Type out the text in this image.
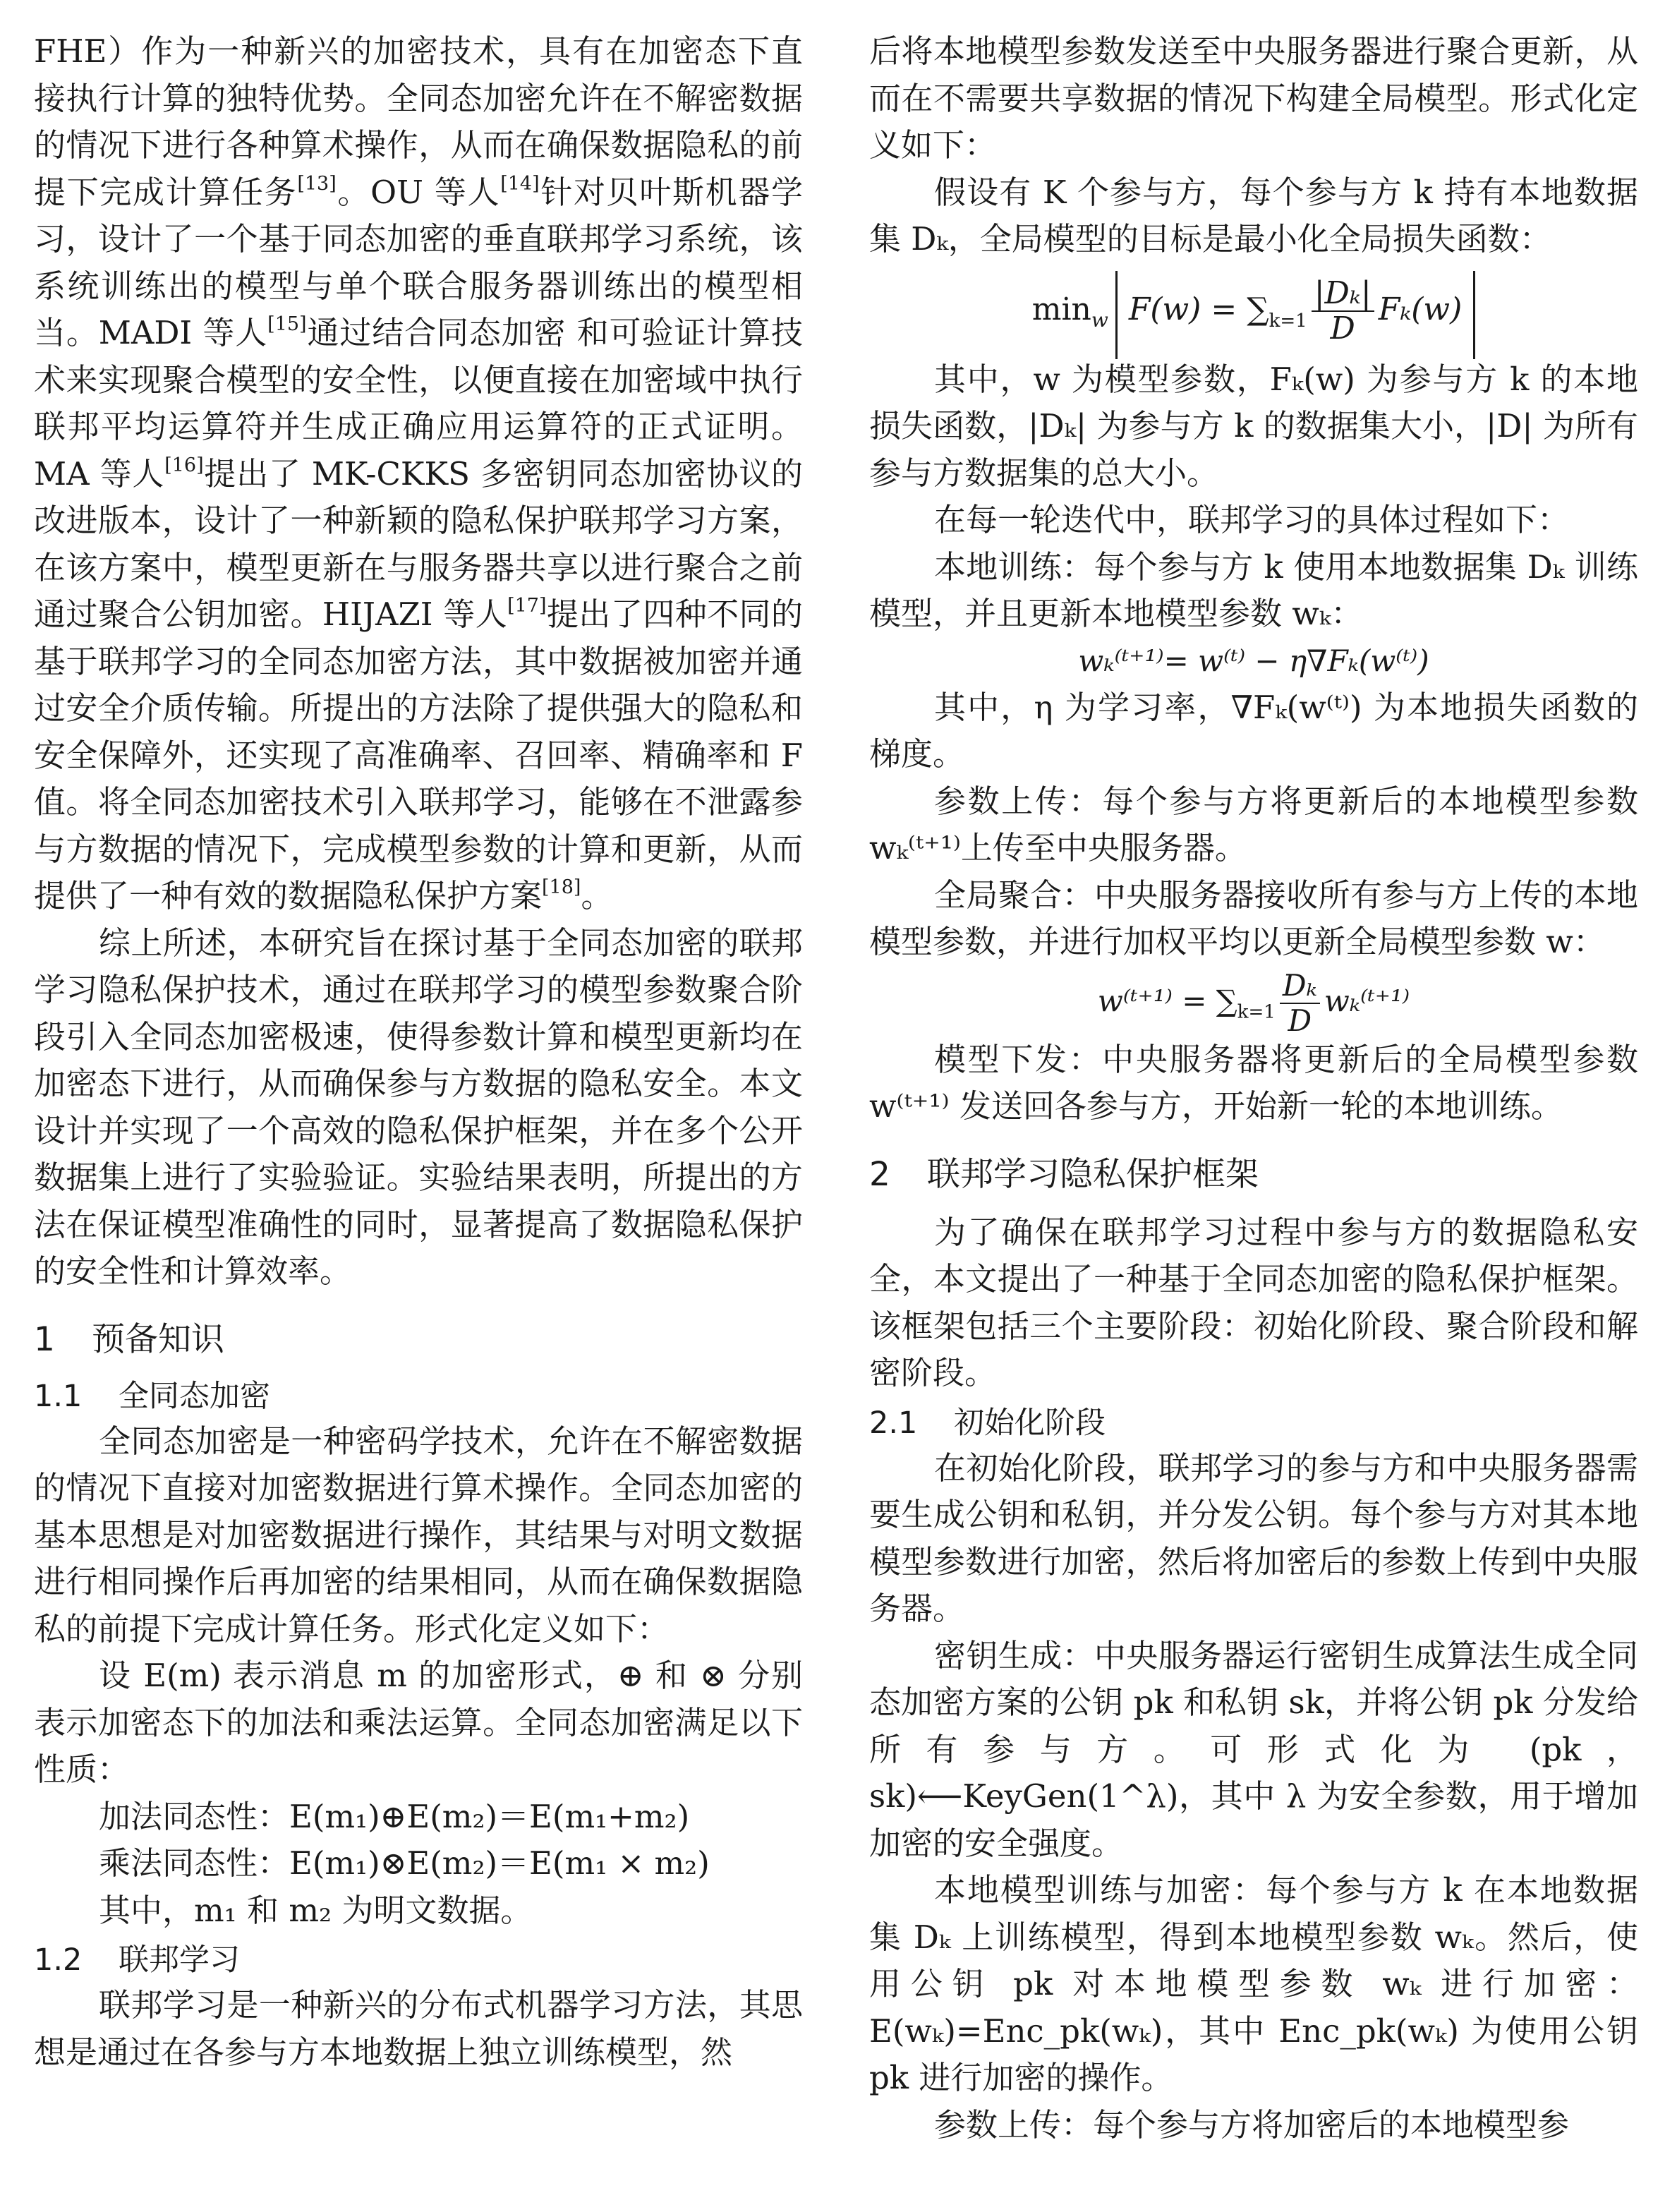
FHE）作为一种新兴的加密技术，具有在加密态下直接执行计算的独特优势。全同态加密允许在不解密数据的情况下进行各种算术操作，从而在确保数据隐私的前提下完成计算任务[13]。OU 等人[14]针对贝叶斯机器学习，设计了一个基于同态加密的垂直联邦学习系统，该系统训练出的模型与单个联合服务器训练出的模型相当。MADI 等人[15]通过结合同态加密 和可验证计算技术来实现聚合模型的安全性，以便直接在加密域中执行联邦平均运算符并生成正确应用运算符的正式证明。MA 等人[16]提出了 MK-CKKS 多密钥同态加密协议的改进版本，设计了一种新颖的隐私保护联邦学习方案，在该方案中，模型更新在与服务器共享以进行聚合之前通过聚合公钥加密。HIJAZI 等人[17]提出了四种不同的基于联邦学习的全同态加密方法，其中数据被加密并通过安全介质传输。所提出的方法除了提供强大的隐私和安全保障外，还实现了高准确率、召回率、精确率和 F 值。将全同态加密技术引入联邦学习，能够在不泄露参与方数据的情况下，完成模型参数的计算和更新，从而提供了一种有效的数据隐私保护方案[18]。

综上所述，本研究旨在探讨基于全同态加密的联邦学习隐私保护技术，通过在联邦学习的模型参数聚合阶段引入全同态加密极速，使得参数计算和模型更新均在加密态下进行，从而确保参与方数据的隐私安全。本文设计并实现了一个高效的隐私保护框架，并在多个公开数据集上进行了实验验证。实验结果表明，所提出的方法在保证模型准确性的同时，显著提高了数据隐私保护的安全性和计算效率。

1 预备知识
1.1 全同态加密

全同态加密是一种密码学技术，允许在不解密数据的情况下直接对加密数据进行算术操作。全同态加密的基本思想是对加密数据进行操作，其结果与对明文数据进行相同操作后再加密的结果相同，从而在确保数据隐私的前提下完成计算任务。形式化定义如下：

设 E(m) 表示消息 m 的加密形式，⊕ 和 ⊗ 分别表示加密态下的加法和乘法运算。全同态加密满足以下性质：

加法同态性：E(m₁)⊕E(m₂)＝E(m₁+m₂)

乘法同态性：E(m₁)⊗E(m₂)＝E(m₁ × m₂)

其中，m₁ 和 m₂ 为明文数据。

1.2 联邦学习

联邦学习是一种新兴的分布式机器学习方法，其思想是通过在各参与方本地数据上独立训练模型，然

后将本地模型参数发送至中央服务器进行聚合更新，从而在不需要共享数据的情况下构建全局模型。形式化定义如下：

假设有 K 个参与方，每个参与方 k 持有本地数据集 Dₖ，全局模型的目标是最小化全局损失函数：

$\min_w F(w) = \sum_{k=1} \frac{\text{|Dₖ|}}{D} F_k(w)$

其中，w 为模型参数，Fₖ(w) 为参与方 k 的本地损失函数，|Dₖ| 为参与方 k 的数据集大小，|D| 为所有参与方数据集的总大小。

在每一轮迭代中，联邦学习的具体过程如下：

本地训练：每个参与方 k 使用本地数据集 Dₖ 训练模型，并且更新本地模型参数 wₖ：

wₖ⁽ᵗ⁺¹⁾= w⁽ᵗ⁾ − η∇Fₖ(w⁽ᵗ⁾)

其中，η 为学习率，∇Fₖ(w⁽ᵗ⁾) 为本地损失函数的梯度。

参数上传：每个参与方将更新后的本地模型参数 wₖ⁽ᵗ⁺¹⁾上传至中央服务器。

全局聚合：中央服务器接收所有参与方上传的本地模型参数，并进行加权平均以更新全局模型参数 w：

w⁽ᵗ⁺¹⁾ = $\sum_{k=1} \frac{\text{Dₖ}}{D}$ wₖ⁽ᵗ⁺¹⁾

模型下发：中央服务器将更新后的全局模型参数 w⁽ᵗ⁺¹⁾ 发送回各参与方，开始新一轮的本地训练。

2 联邦学习隐私保护框架

为了确保在联邦学习过程中参与方的数据隐私安全，本文提出了一种基于全同态加密的隐私保护框架。该框架包括三个主要阶段：初始化阶段、聚合阶段和解密阶段。

2.1 初始化阶段

在初始化阶段，联邦学习的参与方和中央服务器需要生成公钥和私钥，并分发公钥。每个参与方对其本地模型参数进行加密，然后将加密后的参数上传到中央服务器。

密钥生成：中央服务器运行密钥生成算法生成全同态加密方案的公钥 pk 和私钥 sk，并将公钥 pk 分发给所有参与方。可形式化为 (pk，sk)⟵KeyGen(1^λ)，其中 λ 为安全参数，用于增加加密的安全强度。

本地模型训练与加密：每个参与方 k 在本地数据集 Dₖ 上训练模型，得到本地模型参数 wₖ。然后，使用公钥 pk 对本地模型参数 wₖ 进行加密：E(wₖ)=Enc_pk(wₖ)，其中 Enc_pk(wₖ) 为使用公钥 pk 进行加密的操作。

参数上传：每个参与方将加密后的本地模型参
